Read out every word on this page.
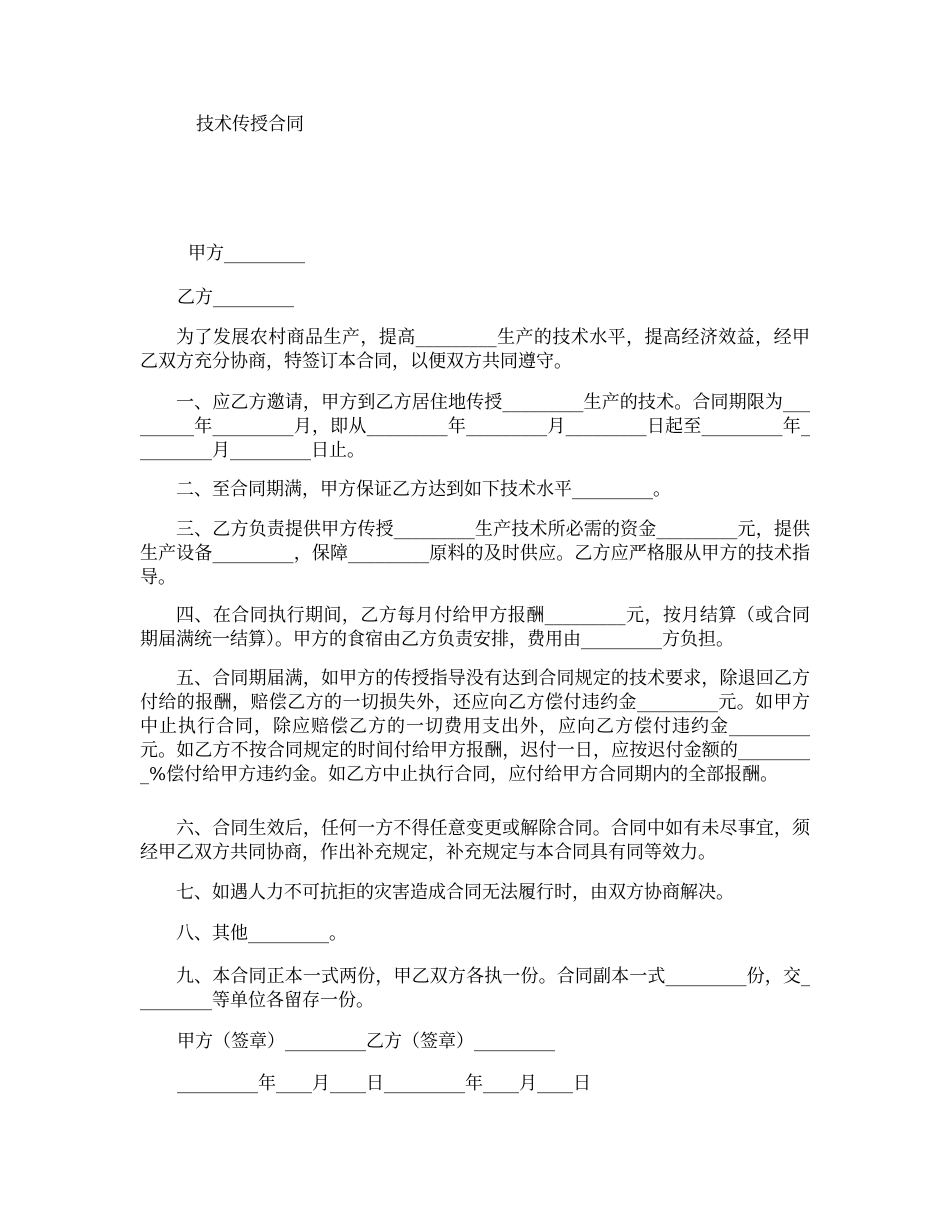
技术传授合同
甲方_________
乙方_________
为了发展农村商品生产，提高_________生产的技术水平，提高经济效益，经甲乙双方充分协商，特签订本合同，以便双方共同遵守。
一、应乙方邀请，甲方到乙方居住地传授_________生产的技术。合同期限为_________年_________月，即从_________年_________月_________日起至_________年_________月_________日止。
二、至合同期满，甲方保证乙方达到如下技术水平_________。
三、乙方负责提供甲方传授_________生产技术所必需的资金_________元，提供生产设备_________，保障_________原料的及时供应。乙方应严格服从甲方的技术指导。
四、在合同执行期间，乙方每月付给甲方报酬_________元，按月结算（或合同期届满统一结算）。甲方的食宿由乙方负责安排，费用由_________方负担。
五、合同期届满，如甲方的传授指导没有达到合同规定的技术要求，除退回乙方付给的报酬，赔偿乙方的一切损失外，还应向乙方偿付违约金_________元。如甲方中止执行合同，除应赔偿乙方的一切费用支出外，应向乙方偿付违约金_________元。如乙方不按合同规定的时间付给甲方报酬，迟付一日，应按迟付金额的_________%偿付给甲方违约金。如乙方中止执行合同，应付给甲方合同期内的全部报酬。
六、合同生效后，任何一方不得任意变更或解除合同。合同中如有未尽事宜，须经甲乙双方共同协商，作出补充规定，补充规定与本合同具有同等效力。
七、如遇人力不可抗拒的灾害造成合同无法履行时，由双方协商解决。
八、其他_________。
九、本合同正本一式两份，甲乙双方各执一份。合同副本一式_________份，交_________等单位各留存一份。
甲方（签章）_________乙方（签章）_________
_________年____月____日_________年____月____日
